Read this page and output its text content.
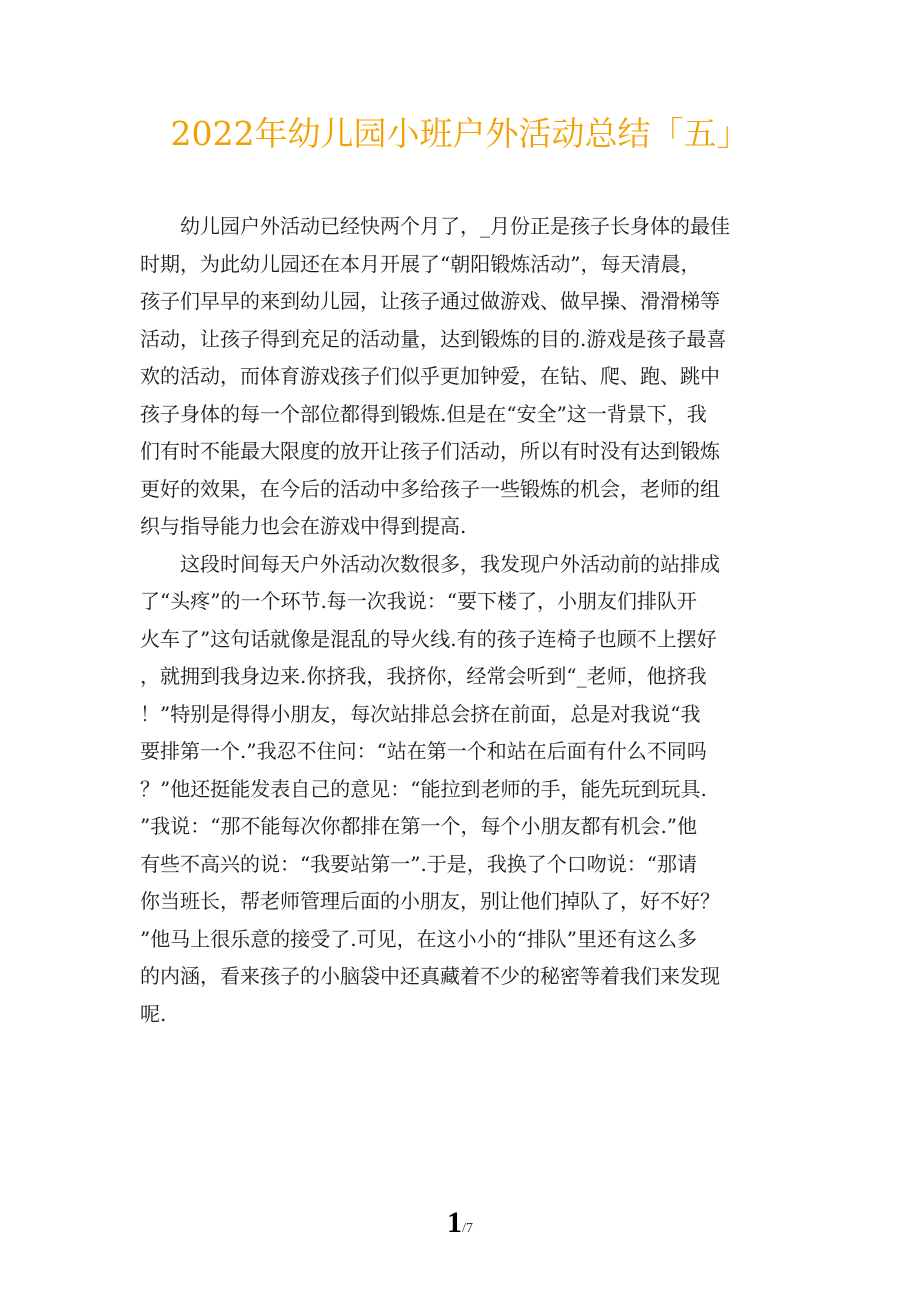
2022年幼儿园小班户外活动总结「五」
　　幼儿园户外活动已经快两个月了，_月份正是孩子长身体的最佳
时期，为此幼儿园还在本月开展了“朝阳锻炼活动”，每天清晨，
孩子们早早的来到幼儿园，让孩子通过做游戏、做早操、滑滑梯等
活动，让孩子得到充足的活动量，达到锻炼的目的.游戏是孩子最喜
欢的活动，而体育游戏孩子们似乎更加钟爱，在钻、爬、跑、跳中
孩子身体的每一个部位都得到锻炼.但是在“安全”这一背景下，我
们有时不能最大限度的放开让孩子们活动，所以有时没有达到锻炼
更好的效果，在今后的活动中多给孩子一些锻炼的机会，老师的组
织与指导能力也会在游戏中得到提高.
　　这段时间每天户外活动次数很多，我发现户外活动前的站排成
了“头疼”的一个环节.每一次我说：“要下楼了，小朋友们排队开
火车了”这句话就像是混乱的导火线.有的孩子连椅子也顾不上摆好
，就拥到我身边来.你挤我，我挤你，经常会听到“_老师，他挤我
！”特别是得得小朋友，每次站排总会挤在前面，总是对我说“我
要排第一个.”我忍不住问：“站在第一个和站在后面有什么不同吗
？”他还挺能发表自己的意见：“能拉到老师的手，能先玩到玩具.
”我说：“那不能每次你都排在第一个，每个小朋友都有机会.”他
有些不高兴的说：“我要站第一”.于是，我换了个口吻说：“那请
你当班长，帮老师管理后面的小朋友，别让他们掉队了，好不好？
”他马上很乐意的接受了.可见，在这小小的“排队”里还有这么多
的内涵，看来孩子的小脑袋中还真藏着不少的秘密等着我们来发现
呢.
1/7
